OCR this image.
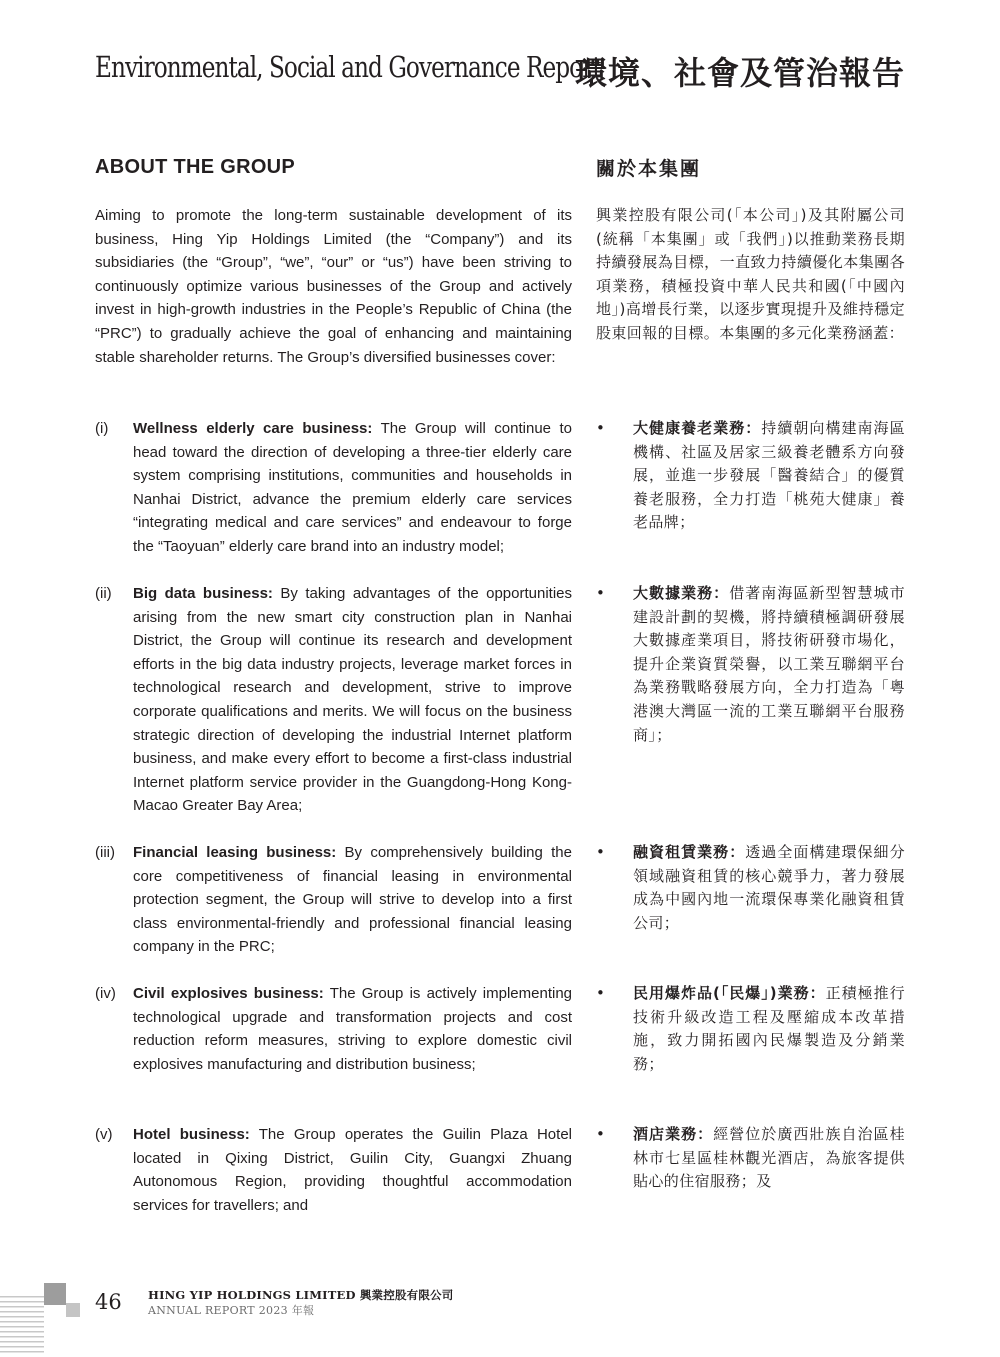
Environmental, Social and Governance Report
環境、社會及管治報告
ABOUT THE GROUP	關於本集團

Aiming to promote the long-term sustainable development of its business, Hing Yip Holdings Limited (the “Company”) and its subsidiaries (the “Group”, “we”, “our” or “us”) have been striving to continuously optimize various businesses of the Group and actively invest in high-growth industries in the People’s Republic of China (the “PRC”) to gradually achieve the goal of enhancing and maintaining stable shareholder returns. The Group’s diversified businesses cover:

興業控股有限公司(「本公司」)及其附屬公司(統稱「本集團」或「我們」)以推動業務長期持續發展為目標，一直致力持續優化本集團各項業務，積極投資中華人民共和國(「中國內地」)高增長行業，以逐步實現提升及維持穩定股東回報的目標。本集團的多元化業務涵蓋：

(i) Wellness elderly care business: The Group will continue to head toward the direction of developing a three-tier elderly care system comprising institutions, communities and households in Nanhai District, advance the premium elderly care services “integrating medical and care services” and endeavour to forge the “Taoyuan” elderly care brand into an industry model;

• 大健康養老業務：持續朝向構建南海區機構、社區及居家三級養老體系方向發展，並進一步發展「醫養結合」的優質養老服務，全力打造「桃苑大健康」養老品牌；

(ii) Big data business: By taking advantages of the opportunities arising from the new smart city construction plan in Nanhai District, the Group will continue its research and development efforts in the big data industry projects, leverage market forces in technological research and development, strive to improve corporate qualifications and merits. We will focus on the business strategic direction of developing the industrial Internet platform business, and make every effort to become a first-class industrial Internet platform service provider in the Guangdong-Hong Kong-Macao Greater Bay Area;

• 大數據業務：借著南海區新型智慧城市建設計劃的契機，將持續積極調研發展大數據產業項目，將技術研發市場化，提升企業資質榮譽，以工業互聯網平台為業務戰略發展方向，全力打造為「粵港澳大灣區一流的工業互聯網平台服務商」；

(iii) Financial leasing business: By comprehensively building the core competitiveness of financial leasing in environmental protection segment, the Group will strive to develop into a first class environmental-friendly and professional financial leasing company in the PRC;

• 融資租賃業務：透過全面構建環保細分領域融資租賃的核心競爭力，著力發展成為中國內地一流環保專業化融資租賃公司；

(iv) Civil explosives business: The Group is actively implementing technological upgrade and transformation projects and cost reduction reform measures, striving to explore domestic civil explosives manufacturing and distribution business;

• 民用爆炸品(「民爆」)業務：正積極推行技術升級改造工程及壓縮成本改革措施，致力開拓國內民爆製造及分銷業務；

(v) Hotel business: The Group operates the Guilin Plaza Hotel located in Qixing District, Guilin City, Guangxi Zhuang Autonomous Region, providing thoughtful accommodation services for travellers; and

• 酒店業務：經營位於廣西壯族自治區桂林市七星區桂林觀光酒店，為旅客提供貼心的住宿服務；及

46 HING YIP HOLDINGS LIMITED 興業控股有限公司
ANNUAL REPORT 2023 年報
